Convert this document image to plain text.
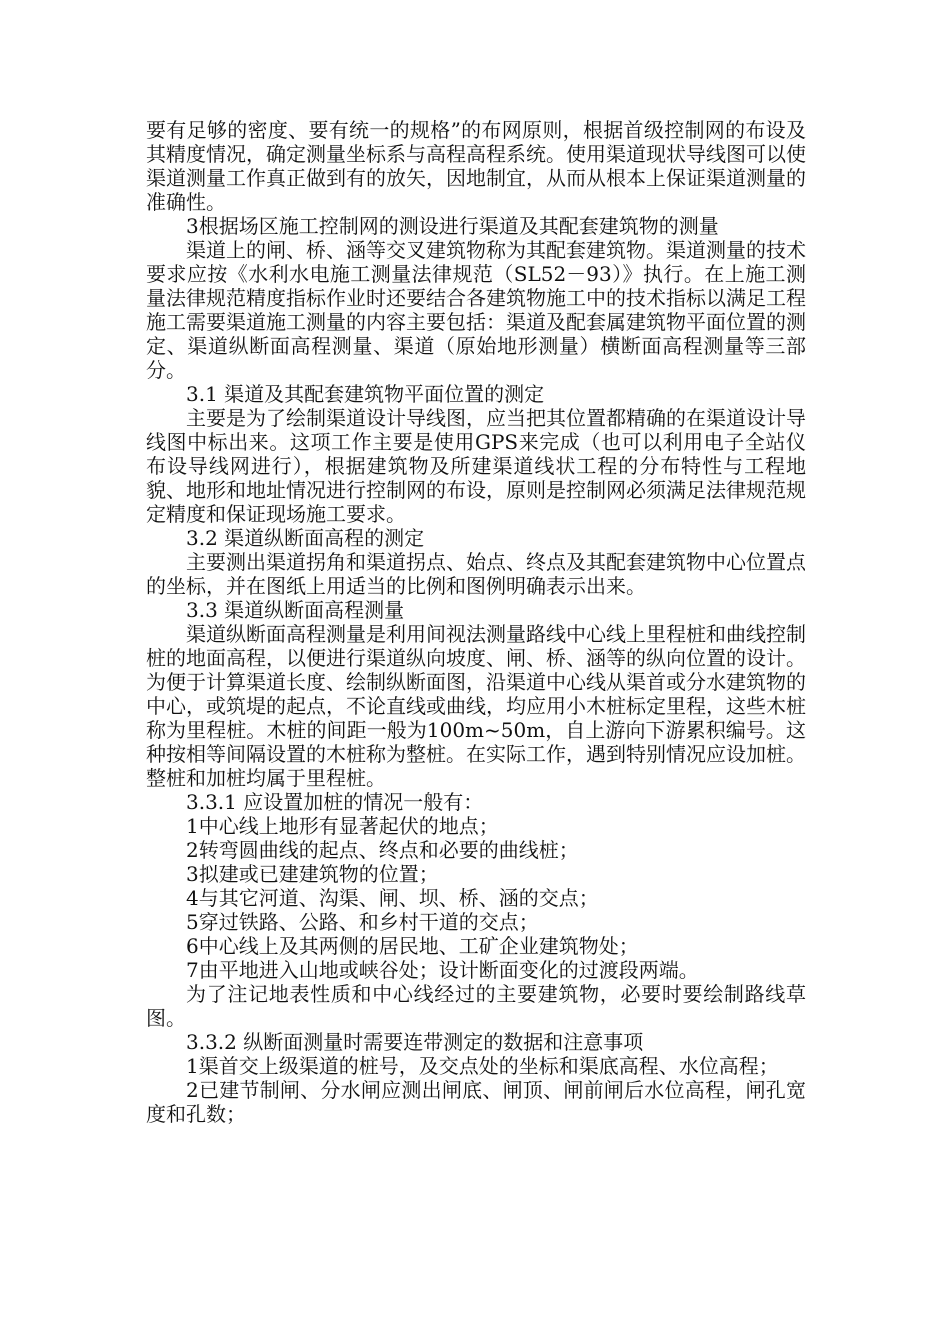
要有足够的密度、要有统一的规格”的布网原则，根据首级控制网的布设及其精度情况，确定测量坐标系与高程高程系统。使用渠道现状导线图可以使渠道测量工作真正做到有的放矢，因地制宜，从而从根本上保证渠道测量的准确性。

3根据场区施工控制网的测设进行渠道及其配套建筑物的测量

渠道上的闸、桥、涵等交叉建筑物称为其配套建筑物。渠道测量的技术要求应按《水利水电施工测量法律规范（SL52－93）》执行。在上施工测量法律规范精度指标作业时还要结合各建筑物施工中的技术指标以满足工程施工需要渠道施工测量的内容主要包括：渠道及配套属建筑物平面位置的测定、渠道纵断面高程测量、渠道（原始地形测量）横断面高程测量等三部分。

3.1 渠道及其配套建筑物平面位置的测定

主要是为了绘制渠道设计导线图，应当把其位置都精确的在渠道设计导线图中标出来。这项工作主要是使用GPS来完成（也可以利用电子全站仪布设导线网进行），根据建筑物及所建渠道线状工程的分布特性与工程地貌、地形和地址情况进行控制网的布设，原则是控制网必须满足法律规范规定精度和保证现场施工要求。

3.2 渠道纵断面高程的测定

主要测出渠道拐角和渠道拐点、始点、终点及其配套建筑物中心位置点的坐标，并在图纸上用适当的比例和图例明确表示出来。

3.3 渠道纵断面高程测量

渠道纵断面高程测量是利用间视法测量路线中心线上里程桩和曲线控制桩的地面高程，以便进行渠道纵向坡度、闸、桥、涵等的纵向位置的设计。为便于计算渠道长度、绘制纵断面图，沿渠道中心线从渠首或分水建筑物的中心，或筑堤的起点，不论直线或曲线，均应用小木桩标定里程，这些木桩称为里程桩。木桩的间距一般为100m~50m，自上游向下游累积编号。这种按相等间隔设置的木桩称为整桩。在实际工作，遇到特别情况应设加桩。整桩和加桩均属于里程桩。

3.3.1 应设置加桩的情况一般有：

1中心线上地形有显著起伏的地点；

2转弯圆曲线的起点、终点和必要的曲线桩；

3拟建或已建建筑物的位置；

4与其它河道、沟渠、闸、坝、桥、涵的交点；

5穿过铁路、公路、和乡村干道的交点；

6中心线上及其两侧的居民地、工矿企业建筑物处；

7由平地进入山地或峡谷处；设计断面变化的过渡段两端。

为了注记地表性质和中心线经过的主要建筑物，必要时要绘制路线草图。

3.3.2 纵断面测量时需要连带测定的数据和注意事项

1渠首交上级渠道的桩号，及交点处的坐标和渠底高程、水位高程；

2已建节制闸、分水闸应测出闸底、闸顶、闸前闸后水位高程，闸孔宽度和孔数；
